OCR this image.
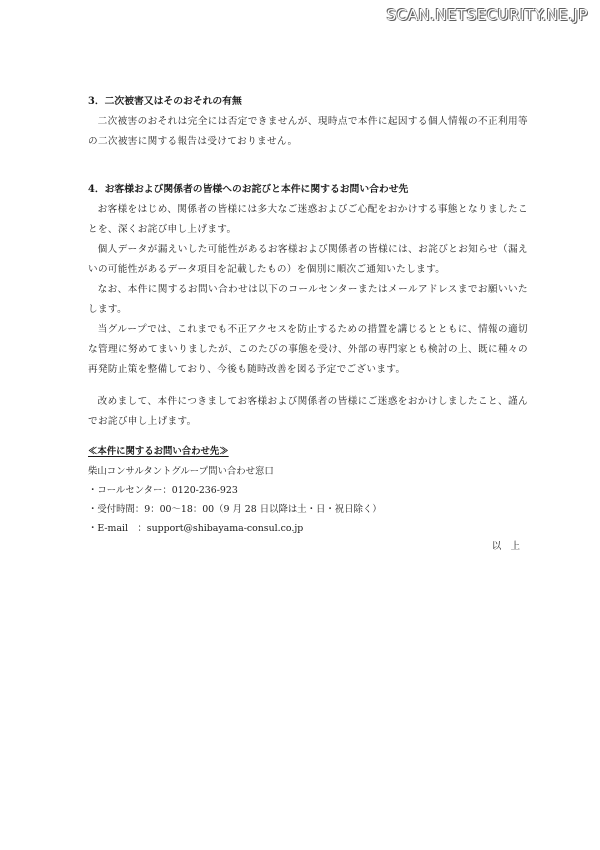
SCAN.NETSECURITY.NE.JP

3．二次被害又はそのおそれの有無

二次被害のおそれは完全には否定できませんが、現時点で本件に起因する個人情報の不正利用等の二次被害に関する報告は受けておりません。

4．お客様および関係者の皆様へのお詫びと本件に関するお問い合わせ先

お客様をはじめ、関係者の皆様には多大なご迷惑およびご心配をおかけする事態となりましたことを、深くお詫び申し上げます。

個人データが漏えいした可能性があるお客様および関係者の皆様には、お詫びとお知らせ（漏えいの可能性があるデータ項目を記載したもの）を個別に順次ご通知いたします。

なお、本件に関するお問い合わせは以下のコールセンターまたはメールアドレスまでお願いいたします。

当グループでは、これまでも不正アクセスを防止するための措置を講じるとともに、情報の適切な管理に努めてまいりましたが、このたびの事態を受け、外部の専門家とも検討の上、既に種々の再発防止策を整備しており、今後も随時改善を図る予定でございます。

改めまして、本件につきましてお客様および関係者の皆様にご迷惑をおかけしましたこと、謹んでお詫び申し上げます。

≪本件に関するお問い合わせ先≫

柴山コンサルタントグループ問い合わせ窓口

・コールセンター：0120-236-923

・受付時間：9：00～18：00（9 月 28 日以降は土・日・祝日除く）

・E-mail　：support@shibayama-consul.co.jp

以　上
